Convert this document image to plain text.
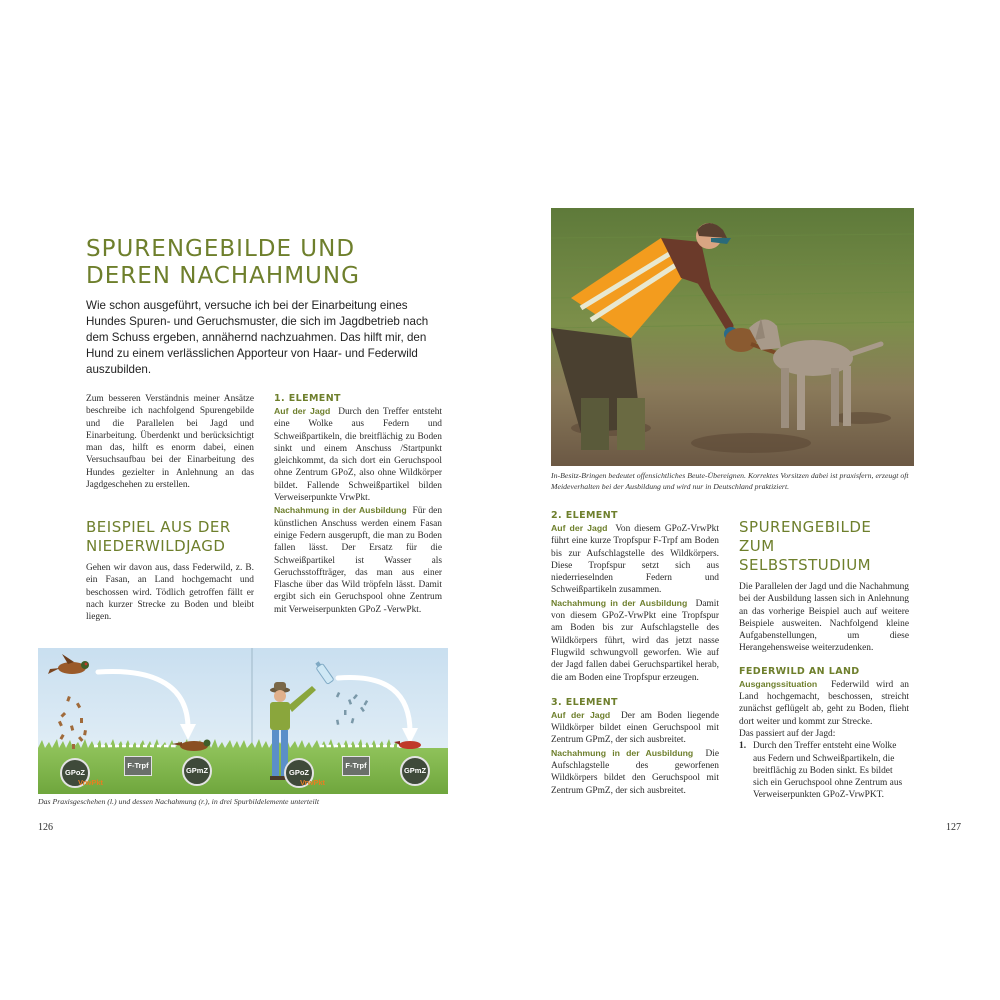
SPURENGEBILDE UND
DEREN NACHAHMUNG

Wie schon ausgeführt, versuche ich bei der Einarbeitung eines Hundes Spuren- und Geruchsmuster, die sich im Jagdbetrieb nach dem Schuss ergeben, annähernd nachzuahmen. Das hilft mir, den Hund zu einem verlässlichen Apporteur von Haar- und Federwild auszubilden.

Zum besseren Verständnis meiner Ansätze beschreibe ich nachfolgend Spurengebilde und die Parallelen bei Jagd und Einarbeitung. Überdenkt und berücksichtigt man das, hilft es enorm dabei, einen Versuchsaufbau bei der Einarbeitung des Hundes gezielter in Anlehnung an das Jagdgeschehen zu erstellen.

BEISPIEL AUS DER
NIEDERWILDJAGD

Gehen wir davon aus, dass Federwild, z. B. ein Fasan, an Land hochgemacht und beschossen wird. Tödlich getroffen fällt er nach kurzer Strecke zu Boden und bleibt liegen.

1. ELEMENT

Auf der Jagd Durch den Treffer entsteht eine Wolke aus Federn und Schweißpartikeln, die breitflächig zu Boden sinkt und einem Anschuss /Startpunkt gleichkommt, da sich dort ein Geruchspool ohne Zentrum GPoZ, also ohne Wildkörper bildet. Fallende Schweißpartikel bilden Verweiserpunkte VrwPkt.

Nachahmung in der Ausbildung Für den künstlichen Anschuss werden einem Fasan einige Federn ausgerupft, die man zu Boden fallen lässt. Der Ersatz für die Schweißpartikel ist Wasser als Geruchsstoffträger, das man aus einer Flasche über das Wild tröpfeln lässt. Damit ergibt sich ein Geruchspool ohne Zentrum mit Verweiserpunkten GPoZ -VerwPkt.

GPoZ
VrwPkt
F-Trpf
GPmZ	GPoZ
VrwPkt
F-Trpf
GPmZ
Das Praxisgeschehen (l.) und dessen Nachahmung (r.), in drei Spurbildelemente unterteilt
126
In-Besitz-Bringen bedeutet offensichtliches Beute-Übereignen. Korrektes Vorsitzen dabei ist praxisfern, erzeugt oft Meideverhalten bei der Ausbildung und wird nur in Deutschland praktiziert.
2. ELEMENT

Auf der Jagd Von diesem GPoZ-VrwPkt führt eine kurze Tropfspur F-Trpf am Boden bis zur Aufschlagstelle des Wildkörpers. Diese Tropfspur setzt sich aus niederrieselnden Federn und Schweißpartikeln zusammen.

Nachahmung in der Ausbildung Damit von diesem GPoZ-VrwPkt eine Tropfspur am Boden bis zur Aufschlagstelle des Wildkörpers führt, wird das jetzt nasse Flugwild schwungvoll geworfen. Wie auf der Jagd fallen dabei Geruchspartikel herab, die am Boden eine Tropfspur erzeugen.

3. ELEMENT

Auf der Jagd Der am Boden liegende Wildkörper bildet einen Geruchspool mit Zentrum GPmZ, der sich ausbreitet.

Nachahmung in der Ausbildung Die Aufschlagstelle des geworfenen Wildkörpers bildet den Geruchspool mit Zentrum GPmZ, der sich ausbreitet.

SPURENGEBILDE
ZUM SELBSTSTUDIUM

Die Parallelen der Jagd und die Nachahmung bei der Ausbildung lassen sich in Anlehnung an das vorherige Beispiel auch auf weitere Beispiele ausweiten. Nachfolgend kleine Aufgabenstellungen, um diese Herangehensweise weiterzudenken.

FEDERWILD AN LAND

Ausgangssituation Federwild wird an Land hochgemacht, beschossen, streicht zunächst geflügelt ab, geht zu Boden, flieht dort weiter und kommt zur Strecke.

Das passiert auf der Jagd:

1. Durch den Treffer entsteht eine Wolke aus Federn und Schweißpartikeln, die breitflächig zu Boden sinkt. Es bildet sich ein Geruchspool ohne Zentrum aus Verweiserpunkten GPoZ-VrwPKT.
127
